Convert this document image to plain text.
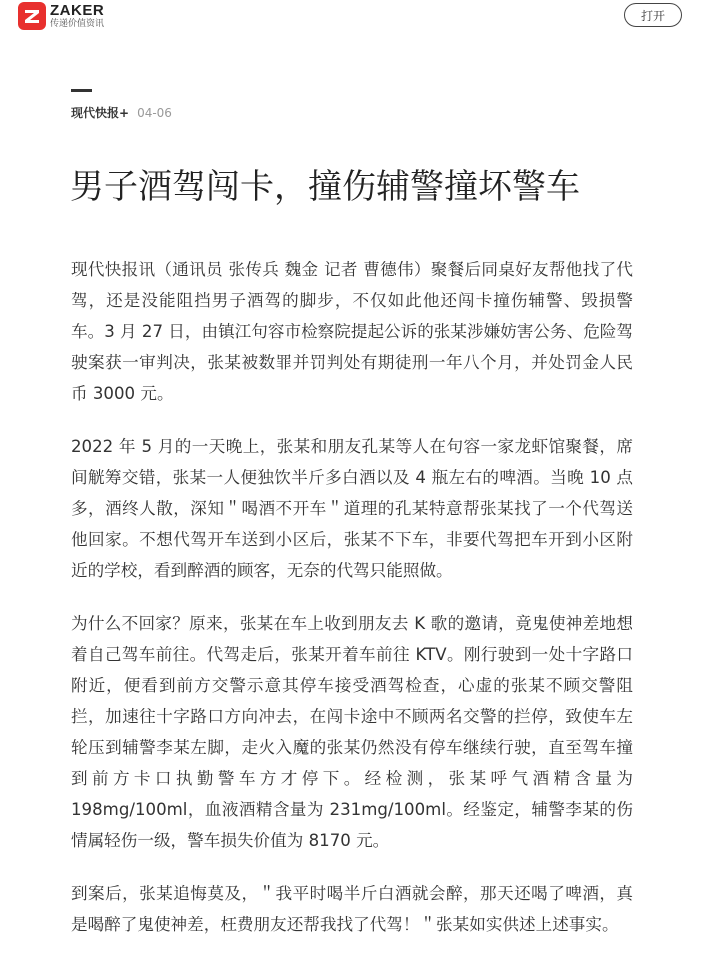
ZAKER
传递价值资讯
打开
现代快报+ 04-06
男子酒驾闯卡，撞伤辅警撞坏警车

现代快报讯（通讯员 张传兵 魏金 记者 曹德伟）聚餐后同桌好友帮他找了代驾，还是没能阻挡男子酒驾的脚步，不仅如此他还闯卡撞伤辅警、毁损警车。3 月 27 日，由镇江句容市检察院提起公诉的张某涉嫌妨害公务、危险驾驶案获一审判决，张某被数罪并罚判处有期徒刑一年八个月，并处罚金人民币 3000 元。

2022 年 5 月的一天晚上，张某和朋友孔某等人在句容一家龙虾馆聚餐，席间觥筹交错，张某一人便独饮半斤多白酒以及 4 瓶左右的啤酒。当晚 10 点多，酒终人散，深知＂喝酒不开车＂道理的孔某特意帮张某找了一个代驾送他回家。不想代驾开车送到小区后，张某不下车，非要代驾把车开到小区附近的学校，看到醉酒的顾客，无奈的代驾只能照做。

为什么不回家？原来，张某在车上收到朋友去 K 歌的邀请，竟鬼使神差地想着自己驾车前往。代驾走后，张某开着车前往 KTV。刚行驶到一处十字路口附近，便看到前方交警示意其停车接受酒驾检查，心虚的张某不顾交警阻拦，加速往十字路口方向冲去，在闯卡途中不顾两名交警的拦停，致使车左轮压到辅警李某左脚，走火入魔的张某仍然没有停车继续行驶，直至驾车撞到前方卡口执勤警车方才停下。经检测，张某呼气酒精含量为 198mg/100ml，血液酒精含量为 231mg/100ml。经鉴定，辅警李某的伤情属轻伤一级，警车损失价值为 8170 元。

到案后，张某追悔莫及，＂我平时喝半斤白酒就会醉，那天还喝了啤酒，真是喝醉了鬼使神差，枉费朋友还帮我找了代驾！＂张某如实供述上述事实。
